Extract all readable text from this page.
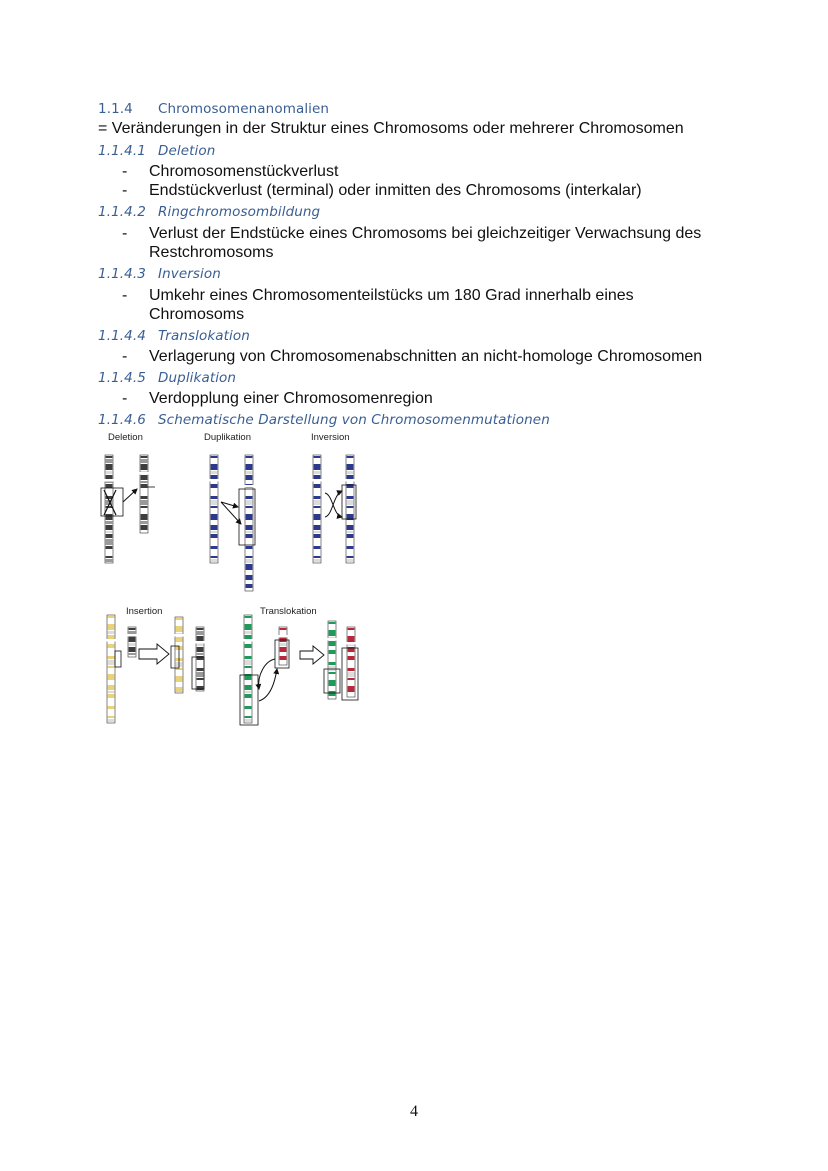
1.1.4 Chromosomenanomalien
= Veränderungen in der Struktur eines Chromosoms oder mehrerer Chromosomen
1.1.4.1 Deletion
- Chromosomenstückverlust
- Endstückverlust (terminal) oder inmitten des Chromosoms (interkalar)
1.1.4.2 Ringchromosombildung
- Verlust der Endstücke eines Chromosoms bei gleichzeitiger Verwachsung des Restchromosoms
1.1.4.3 Inversion
- Umkehr eines Chromosomenteilstücks um 180 Grad innerhalb eines Chromosoms
1.1.4.4 Translokation
- Verlagerung von Chromosomenabschnitten an nicht-homologe Chromosomen
1.1.4.5 Duplikation
- Verdopplung einer Chromosomenregion
1.1.4.6 Schematische Darstellung von Chromosomenmutationen
Deletion	Duplikation	Inversion
Insertion	Translokation
4
